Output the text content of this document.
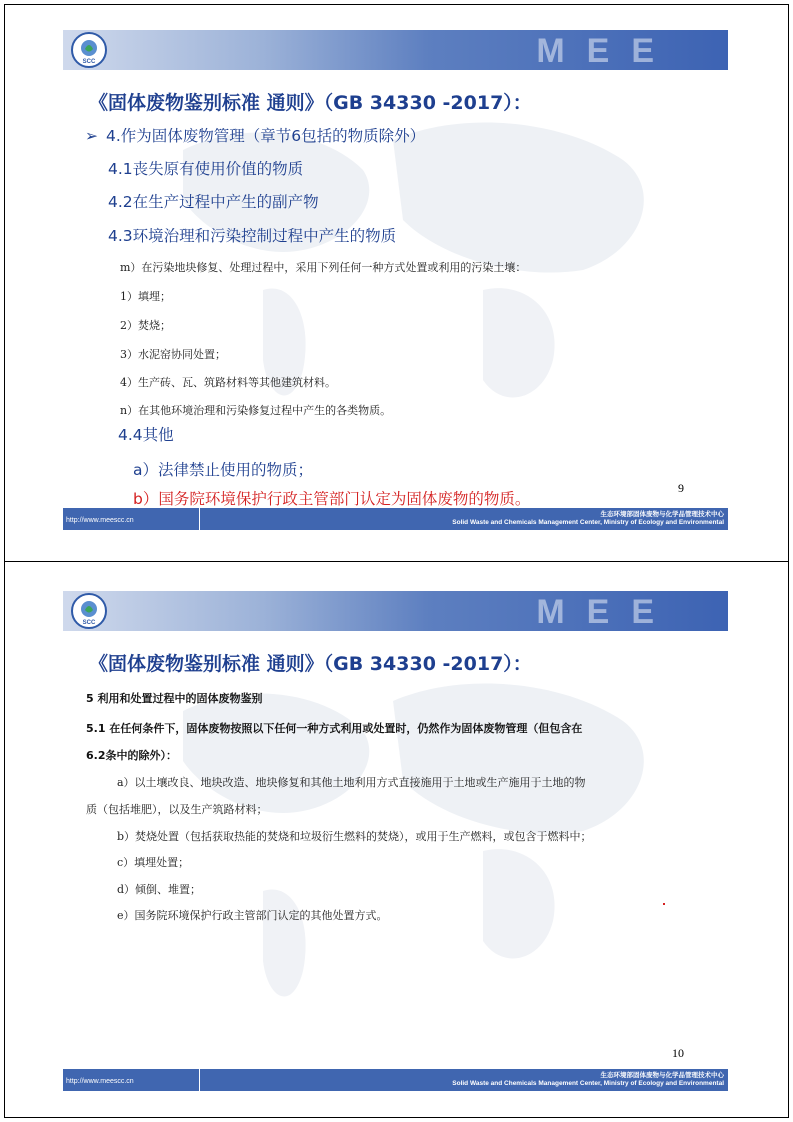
SCC	MEE
《固体废物鉴别标准 通则》（GB 34330 -2017）：
➢ 4.作为固体废物管理（章节6包括的物质除外）
4.1丧失原有使用价值的物质
4.2在生产过程中产生的副产物
4.3环境治理和污染控制过程中产生的物质
m）在污染地块修复、处理过程中，采用下列任何一种方式处置或利用的污染土壤：
1）填埋；
2）焚烧；
3）水泥窑协同处置；
4）生产砖、瓦、筑路材料等其他建筑材料。
n）在其他环境治理和污染修复过程中产生的各类物质。
4.4其他
a）法律禁止使用的物质；
b）国务院环境保护行政主管部门认定为固体废物的物质。
9
http://www.meescc.cn
生态环境部固体废物与化学品管理技术中心
Solid Waste and Chemicals Management Center, Ministry of Ecology and Environmental
SCC	MEE
《固体废物鉴别标准 通则》（GB 34330 -2017）：
5 利用和处置过程中的固体废物鉴别
5.1 在任何条件下，固体废物按照以下任何一种方式利用或处置时，仍然作为固体废物管理（但包含在
6.2条中的除外）：
a）以土壤改良、地块改造、地块修复和其他土地利用方式直接施用于土地或生产施用于土地的物
质（包括堆肥），以及生产筑路材料；
b）焚烧处置（包括获取热能的焚烧和垃圾衍生燃料的焚烧），或用于生产燃料，或包含于燃料中；
c）填埋处置；
d）倾倒、堆置；
e）国务院环境保护行政主管部门认定的其他处置方式。
10
http://www.meescc.cn
生态环境部固体废物与化学品管理技术中心
Solid Waste and Chemicals Management Center, Ministry of Ecology and Environmental
